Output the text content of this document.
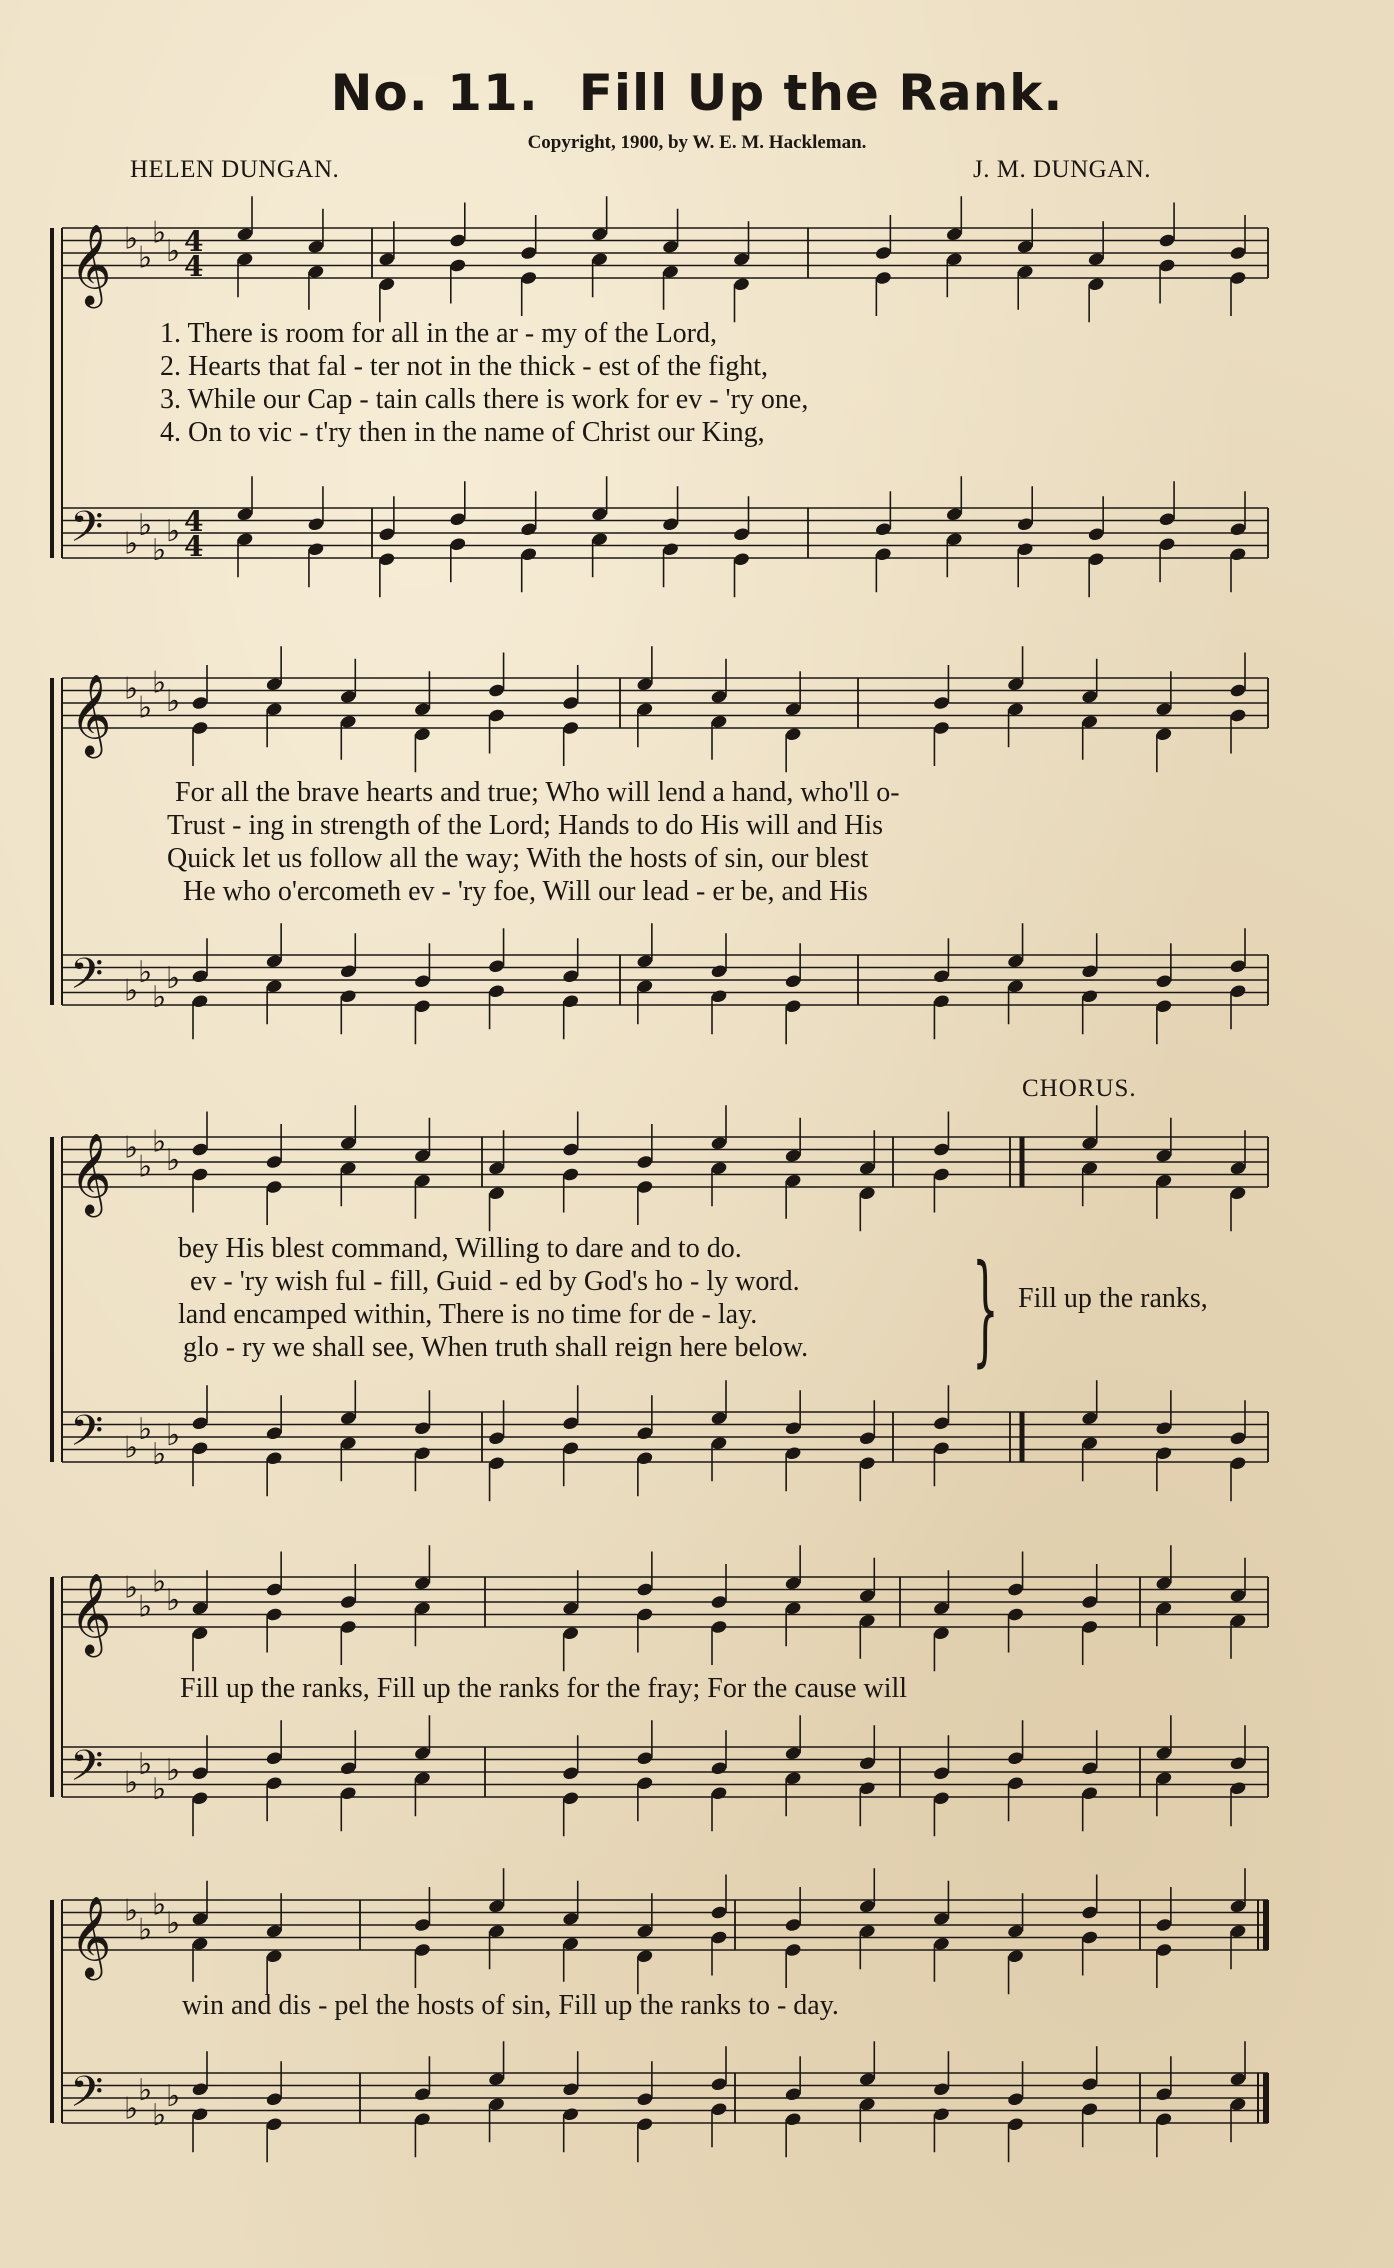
No. 11. Fill Up the Rank.
Copyright, 1900, by W. E. M. Hackleman.
HELEN DUNGAN.	J. M. DUNGAN.
𝄞
𝄢
♭
♭
♭
♭
♭
♭
♭
♭
4
4
4
4
𝄞
𝄢
♭
♭
♭
♭
♭
♭
♭
♭
𝄞
𝄢
♭
♭
♭
♭
♭
♭
♭
♭
𝄞
𝄢
♭
♭
♭
♭
♭
♭
♭
♭
𝄞
𝄢
♭
♭
♭
♭
♭
♭
♭
♭
1. There is room for all in the ar - my of the Lord,
2. Hearts that fal - ter not in the thick - est of the fight,
3. While our Cap - tain calls there is work for ev - 'ry one,
4. On to vic - t'ry then in the name of Christ our King,
For all the brave hearts and true; Who will lend a hand, who'll o-
Trust - ing in strength of the Lord; Hands to do His will and His
Quick let us follow all the way; With the hosts of sin, our blest
He who o'ercometh ev - 'ry foe, Will our lead - er be, and His
CHORUS.
bey His blest command, Willing to dare and to do.
ev - 'ry wish ful - fill, Guid - ed by God's ho - ly word.
land encamped within, There is no time for de - lay.
glo - ry we shall see, When truth shall reign here below. } Fill up the ranks,
Fill up the ranks, Fill up the ranks for the fray; For the cause will
win and dis - pel the hosts of sin, Fill up the ranks to - day.
